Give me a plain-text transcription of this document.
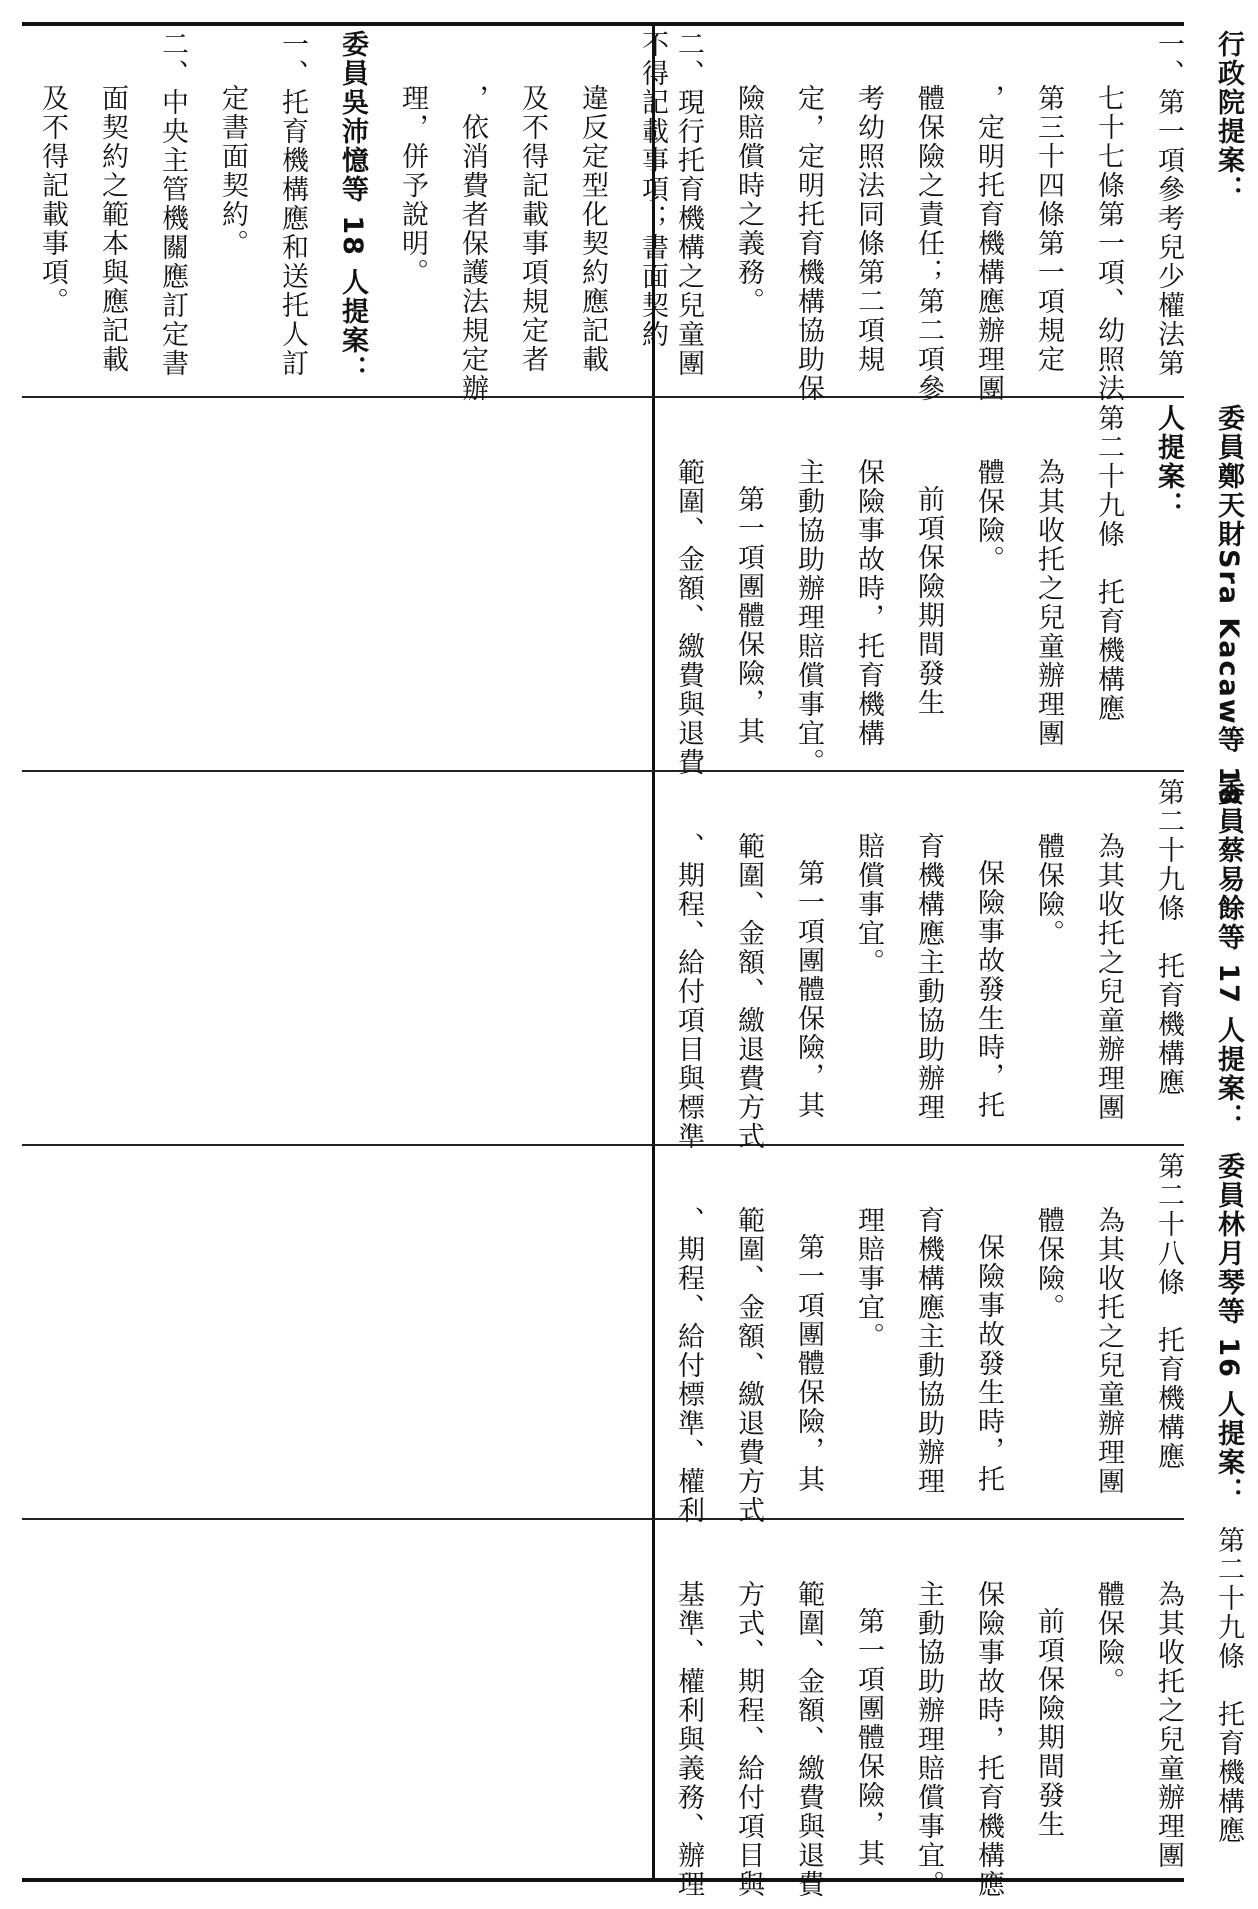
不得記載事項；書面契約
違反定型化契約應記載
及不得記載事項規定者
，依消費者保護法規定辦
理，併予說明。
委員吳沛憶等 18 人提案：
一、托育機構應和送托人訂
定書面契約。
二、中央主管機關應訂定書
面契約之範本與應記載
及不得記載事項。	行政院提案：
一、第一項參考兒少權法第
七十七條第一項、幼照法
第三十四條第一項規定
，定明托育機構應辦理團
體保險之責任；第二項參
考幼照法同條第二項規
定，定明托育機構協助保
險賠償時之義務。
二、現行托育機構之兒童團
委員鄭天財Sra Kacaw等 18
人提案：
第二十九條　托育機構應
為其收托之兒童辦理團
體保險。
前項保險期間發生
保險事故時，托育機構
主動協助辦理賠償事宜。
第一項團體保險，其
範圍、金額、繳費與退費
委員蔡易餘等 17 人提案：
第二十九條　托育機構應
為其收托之兒童辦理團
體保險。
保險事故發生時，托
育機構應主動協助辦理
賠償事宜。
第一項團體保險，其
範圍、金額、繳退費方式
、期程、給付項目與標準
委員林月琴等 16 人提案：
第二十八條　托育機構應
為其收托之兒童辦理團
體保險。
保險事故發生時，托
育機構應主動協助辦理
理賠事宜。
第一項團體保險，其
範圍、金額、繳退費方式
、期程、給付標準、權利
第二十九條　托育機構應
為其收托之兒童辦理團
體保險。
前項保險期間發生
保險事故時，托育機構應
主動協助辦理賠償事宜。
第一項團體保險，其
範圍、金額、繳費與退費
方式、期程、給付項目與
基準、權利與義務、辦理
